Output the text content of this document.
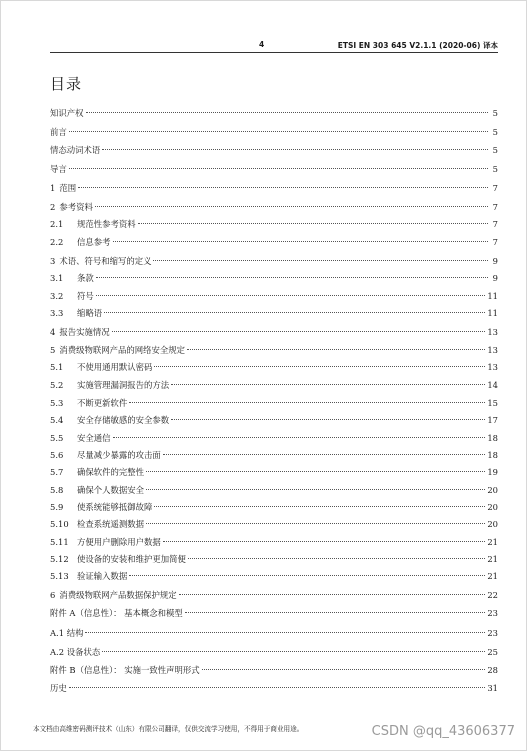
4	ETSI EN 303 645 V2.1.1 (2020-06) 译本
目录
知识产权	5
前言	5
情态动词术语	5
导言	5
1 范围	7
2 参考资料	7
2.1	规范性参考资料	7
2.2	信息参考	7
3 术语、符号和缩写的定义	9
3.1	条款	9
3.2	符号	11
3.3	缩略语	11
4 报告实施情况	13
5 消费级物联网产品的网络安全规定	13
5.1	不使用通用默认密码	13
5.2	实施管理漏洞报告的方法	14
5.3	不断更新软件	15
5.4	安全存储敏感的安全参数	17
5.5	安全通信	18
5.6	尽量减少暴露的攻击面	18
5.7	确保软件的完整性	19
5.8	确保个人数据安全	20
5.9	使系统能够抵御故障	20
5.10 检查系统遥测数据	20
5.11 方便用户删除用户数据	21
5.12 使设备的安装和维护更加简便	21
5.13 验证输入数据	21
6 消费级物联网产品数据保护规定	22
附件 A（信息性）： 基本概念和模型	23
A.1 结构	23
A.2 设备状态	25
附件 B（信息性）： 实施一致性声明形式	28
历史	31
本文档由高维密码测评技术（山东）有限公司翻译，仅供交流学习使用，不得用于商业用途。	CSDN @qq_43606377
